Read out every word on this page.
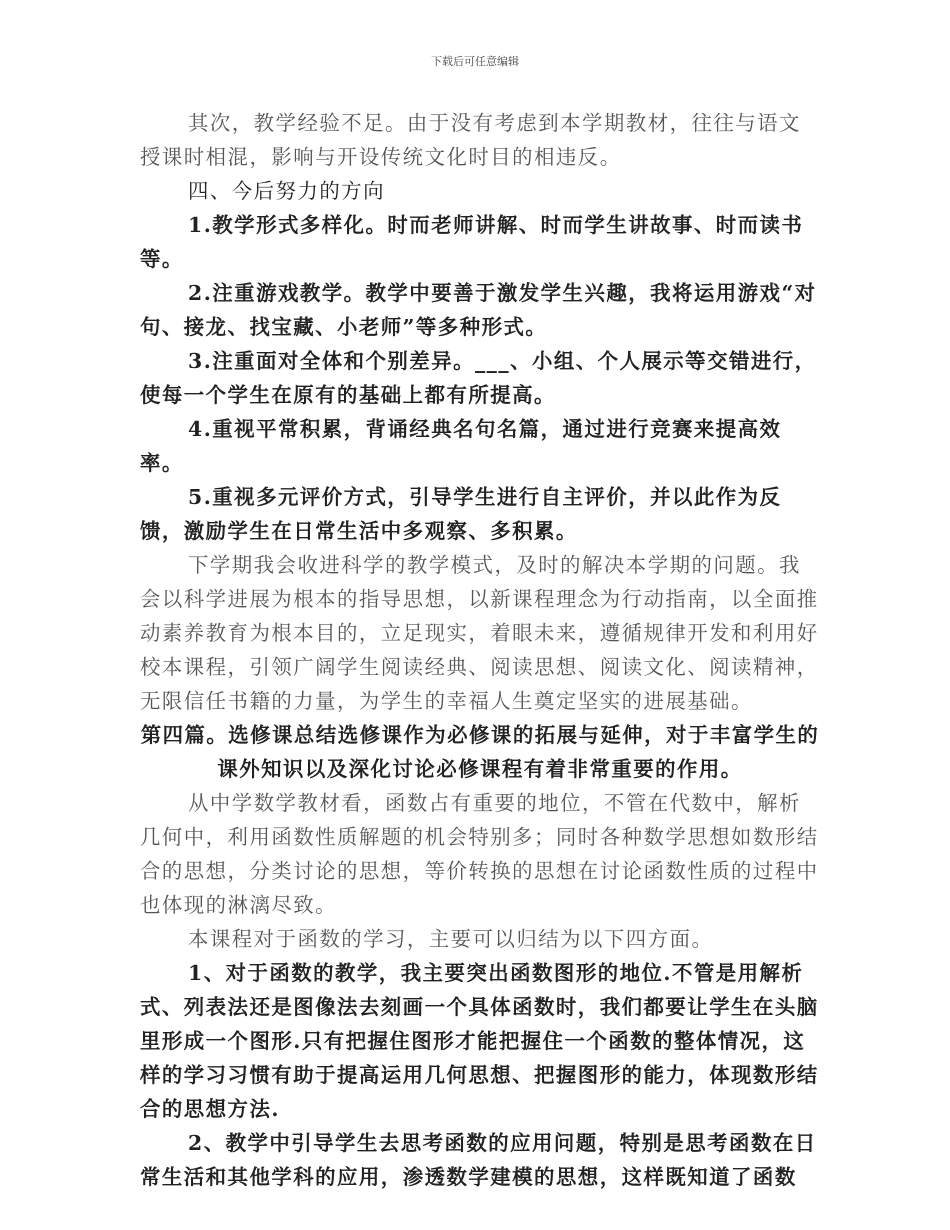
下载后可任意编辑

其次，教学经验不足。由于没有考虑到本学期教材，往往与语文授课时相混，影响与开设传统文化时目的相违反。

四、今后努力的方向

1.教学形式多样化。时而老师讲解、时而学生讲故事、时而读书等。

2.注重游戏教学。教学中要善于激发学生兴趣，我将运用游戏“对句、接龙、找宝藏、小老师”等多种形式。

3.注重面对全体和个别差异。___、小组、个人展示等交错进行，使每一个学生在原有的基础上都有所提高。

4.重视平常积累，背诵经典名句名篇，通过进行竞赛来提高效率。

5.重视多元评价方式，引导学生进行自主评价，并以此作为反馈，激励学生在日常生活中多观察、多积累。

下学期我会收进科学的教学模式，及时的解决本学期的问题。我会以科学进展为根本的指导思想，以新课程理念为行动指南，以全面推动素养教育为根本目的，立足现实，着眼未来，遵循规律开发和利用好校本课程，引领广阔学生阅读经典、阅读思想、阅读文化、阅读精神，无限信任书籍的力量，为学生的幸福人生奠定坚实的进展基础。

第四篇。选修课总结选修课作为必修课的拓展与延伸，对于丰富学生的课外知识以及深化讨论必修课程有着非常重要的作用。

从中学数学教材看，函数占有重要的地位，不管在代数中，解析几何中，利用函数性质解题的机会特别多；同时各种数学思想如数形结合的思想，分类讨论的思想，等价转换的思想在讨论函数性质的过程中也体现的淋漓尽致。

本课程对于函数的学习，主要可以归结为以下四方面。

1、对于函数的教学，我主要突出函数图形的地位.不管是用解析式、列表法还是图像法去刻画一个具体函数时，我们都要让学生在头脑里形成一个图形.只有把握住图形才能把握住一个函数的整体情况，这样的学习习惯有助于提高运用几何思想、把握图形的能力，体现数形结合的思想方法.

2、教学中引导学生去思考函数的应用问题，特别是思考函数在日常生活和其他学科的应用，渗透数学建模的思想，这样既知道了函数
